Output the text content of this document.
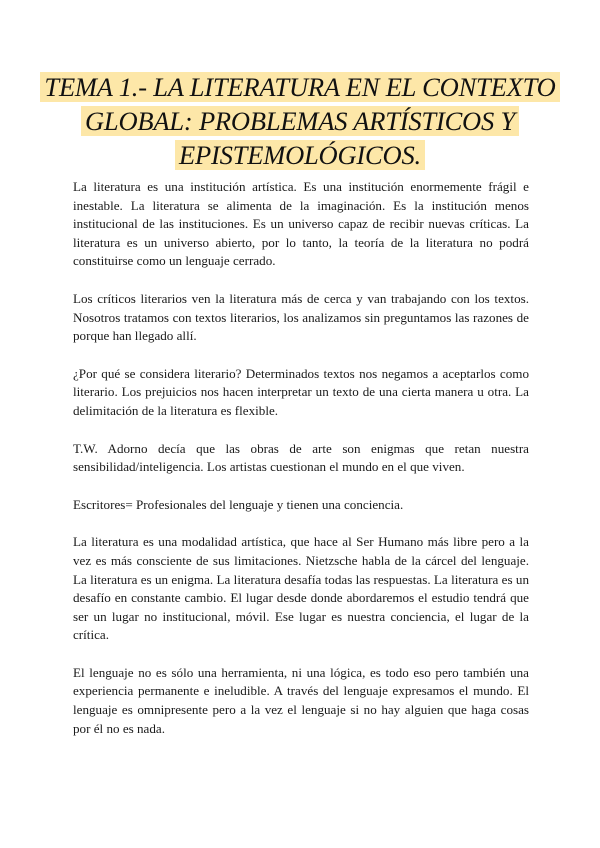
TEMA 1.- LA LITERATURA EN EL CONTEXTO GLOBAL: PROBLEMAS ARTÍSTICOS Y EPISTEMOLÓGICOS.

La literatura es una institución artística. Es una institución enormemente frágil e inestable. La literatura se alimenta de la imaginación. Es la institución menos institucional de las instituciones. Es un universo capaz de recibir nuevas críticas. La literatura es un universo abierto, por lo tanto, la teoría de la literatura no podrá constituirse como un lenguaje cerrado.

Los críticos literarios ven la literatura más de cerca y van trabajando con los textos. Nosotros tratamos con textos literarios, los analizamos sin preguntamos las razones de porque han llegado allí.

¿Por qué se considera literario? Determinados textos nos negamos a aceptarlos como literario. Los prejuicios nos hacen interpretar un texto de una cierta manera u otra. La delimitación de la literatura es flexible.

T.W. Adorno decía que las obras de arte son enigmas que retan nuestra sensibilidad/inteligencia. Los artistas cuestionan el mundo en el que viven.

Escritores= Profesionales del lenguaje y tienen una conciencia.

La literatura es una modalidad artística, que hace al Ser Humano más libre pero a la vez es más consciente de sus limitaciones. Nietzsche habla de la cárcel del lenguaje. La literatura es un enigma. La literatura desafía todas las respuestas. La literatura es un desafío en constante cambio. El lugar desde donde abordaremos el estudio tendrá que ser un lugar no institucional, móvil. Ese lugar es nuestra conciencia, el lugar de la crítica.

El lenguaje no es sólo una herramienta, ni una lógica, es todo eso pero también una experiencia permanente e ineludible. A través del lenguaje expresamos el mundo. El lenguaje es omnipresente pero a la vez el lenguaje si no hay alguien que haga cosas por él no es nada.
